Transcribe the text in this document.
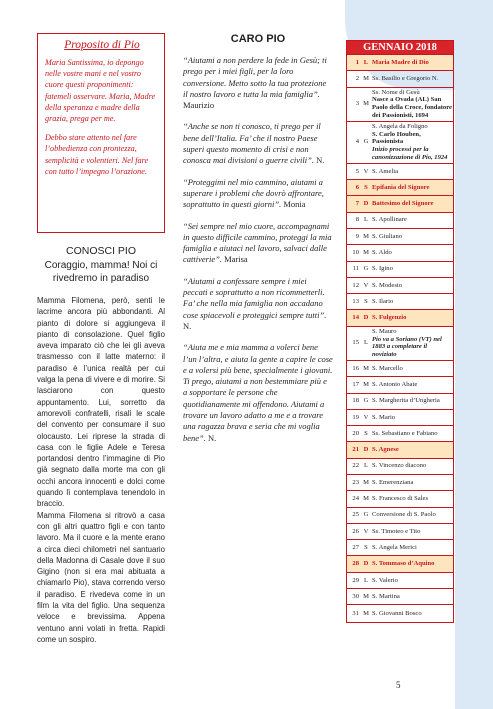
Proposito di Pio

Maria Santissima, io depongo nelle vostre mani e nel vostro cuore questi proponimenti: fatemeli osservare. Maria, Madre della speranza e madre della grazia, prega per me.

Debbo stare attento nel fare l’obbedienza con prontezza, semplicità e volentieri. Nel fare con tutto l’impegno l’orazione.

CONOSCI PIO
Coraggio, mamma! Noi ci rivedremo in paradiso

Mamma Filomena, però, sentì le lacrime ancora più abbondanti. Al pianto di dolore si aggiungeva il pianto di consolazione. Quel figlio aveva imparato ciò che lei gli aveva trasmesso con il latte materno: il paradiso è l’unica realtà per cui valga la pena di vivere e di morire. Si lasciarono con questo appuntamento. Lui, sorretto da amorevoli confratelli, risalì le scale del convento per consumare il suo olocausto. Lei riprese la strada di casa con le figlie Adele e Teresa portandosi dentro l’immagine di Pio già segnato dalla morte ma con gli occhi ancora innocenti e dolci come quando lì contemplava tenendolo in braccio.

Mamma Filomena si ritrovò a casa con gli altri quattro figli e con tanto lavoro. Ma il cuore e la mente erano a circa dieci chilometri nel santuario della Madonna di Casale dove il suo Gigino (non si era mai abituata a chiamarlo Pio), stava correndo verso il paradiso. E rivedeva come in un film la vita del figlio. Una sequenza veloce e brevissima. Appena ventuno anni volati in fretta. Rapidi come un sospiro.

CARO PIO

“Aiutami a non perdere la fede in Gesù; ti prego per i miei figli, per la loro conversione. Metto sotto la tua protezione il nostro lavoro e tutta la mia famiglia”. Maurizio

“Anche se non ti conosco, ti prego per il bene dell’Italia. Fa’ che il nostro Paese superi questo momento di crisi e non conosca mai divisioni o guerre civili”. N.

“Proteggimi nel mio cammino, aiutami a superare i problemi che dovrò affrontare, soprattutto in questi giorni”. Monia

“Sei sempre nel mio cuore, accompagnami in questo difficile cammino, proteggi la mia famiglia e aiutaci nel lavoro, salvaci dalle cattiverie”. Marisa

“Aiutami a confessare sempre i miei peccati e soprattutto a non ricommetterli. Fa’ che nella mia famiglia non accadano cose spiacevoli e proteggici sempre tutti”. N.

“Aiuta me e mia mamma a volerci bene l’un l’altra, e aiuta la gente a capire le cose e a volersi più bene, specialmente i giovani. Ti prego, aiutami a non bestemmiare più e a sopportare le persone che quotidianamente mi offendono. Aiutami a trovare un lavoro adatto a me e a trovare una ragazza brava e seria che mi voglia bene”. N.

GENNAIO 2018
1 L Maria Madre di Dio
2 M Ss. Basilio e Gregorio N.
3 M
Ss. Nome di Gesù
Nasce a Ovada (AL) San Paolo della Croce, fondatore dei Passionisti, 1694
4 G
S. Angela da Foligno
S. Carlo Houben, Passionista
Inizio processi per la canonizzazione di Pio, 1924
5 V S. Amelia
6 S Epifania del Signore
7 D Battesimo del Signore
8 L S. Apollinare
9 M S. Giuliano
10 M S. Aldo
11 G S. Igino
12 V S. Modesto
13 S S. Ilario
14 D S. Fulgenzio
15 L
S. Mauro
Pio va a Soriano (VT) nel 1883 a completare il noviziato
16 M S. Marcello
17 M S. Antonio Abate
18 G S. Margherita d’Ungheria
19 V S. Mario
20 S Ss. Sebastiano e Fabiano
21 D S. Agnese
22 L S. Vincenzo diacono
23 M S. Emerenziana
24 M S. Francesco di Sales
25 G Conversione di S. Paolo
26 V Ss. Timoteo e Tito
27 S S. Angela Merici
28 D S. Tommaso d’Aquino
29 L S. Valerio
30 M S. Martina
31 M S. Giovanni Bosco
5
